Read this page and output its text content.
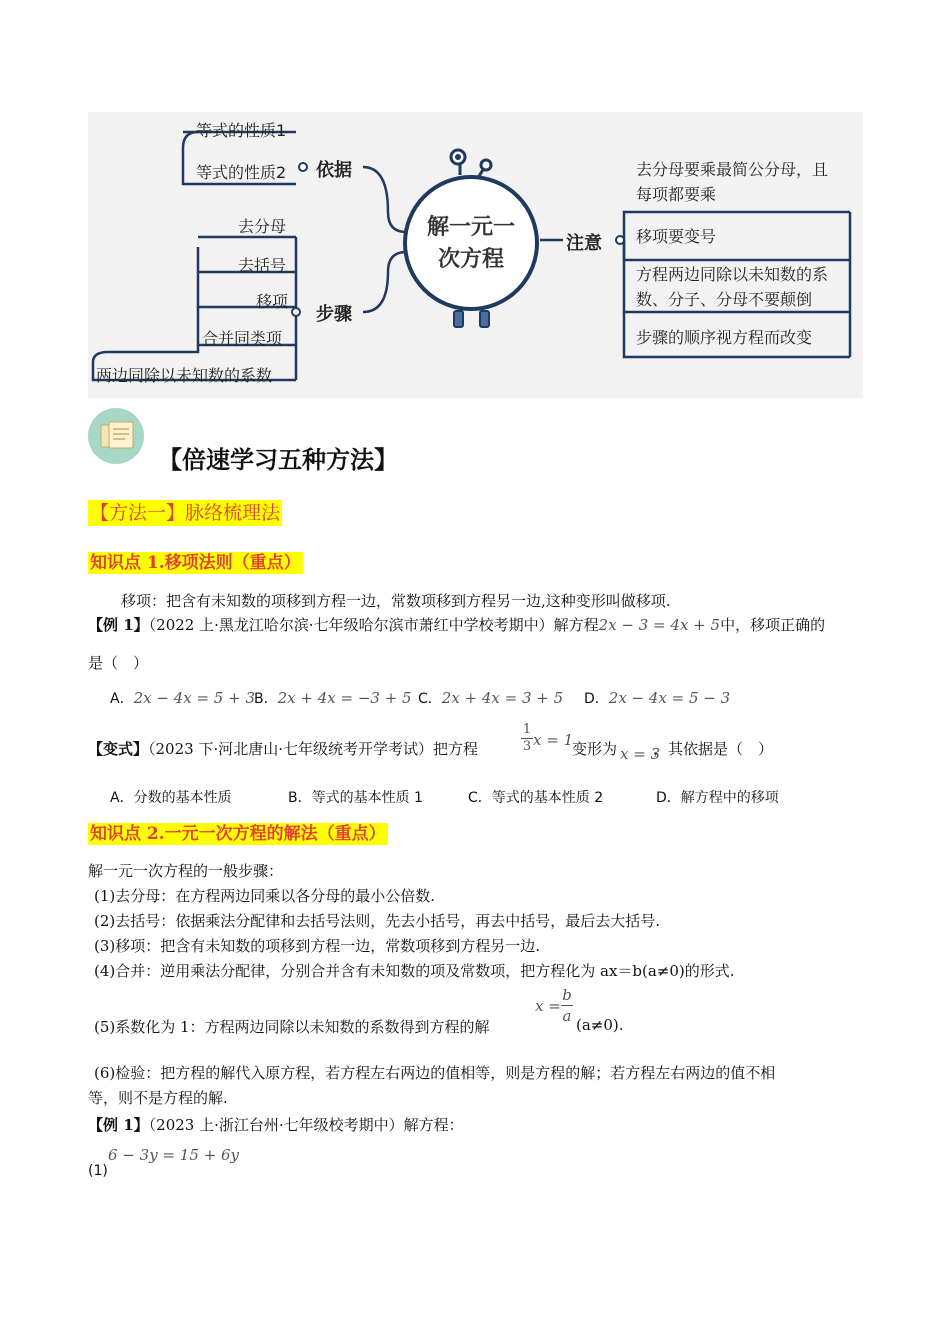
等式的性质1
等式的性质2 依据
去分母
去括号
移项
合并同类项
两边同除以未知数的系数
步骤
解一元一
次方程
注意
去分母要乘最简公分母，且
每项都要乘
移项要变号
方程两边同除以未知数的系
数、分子、分母不要颠倒
步骤的顺序视方程而改变
【倍速学习五种方法】
【方法一】脉络梳理法
知识点 1.移项法则（重点）
移项：把含有未知数的项移到方程一边，常数项移到方程另一边,这种变形叫做移项.
【例 1】（2022 上·黑龙江哈尔滨·七年级哈尔滨市萧红中学校考期中）解方程2x − 3 = 4x + 5中，移项正确的
是（　）
A．2x − 4x = 5 + 3 B．2x + 4x = −3 + 5 C．2x + 4x = 3 + 5 D．2x − 4x = 5 − 3
【变式】（2023 下·河北唐山·七年级统考开学考试）把方程	$\frac{1}{3}$ x = 1
变形为 x = 3
，其依据是（　）
A．分数的基本性质	B．等式的基本性质 1	C．等式的基本性质 2	D．解方程中的移项
知识点 2.一元一次方程的解法（重点）
解一元一次方程的一般步骤：
(1)去分母：在方程两边同乘以各分母的最小公倍数.
(2)去括号：依据乘法分配律和去括号法则，先去小括号，再去中括号，最后去大括号.
(3)移项：把含有未知数的项移到方程一边，常数项移到方程另一边.
(4)合并：逆用乘法分配律，分别合并含有未知数的项及常数项，把方程化为 ax＝b(a≠0)的形式.
(5)系数化为 1：方程两边同除以未知数的系数得到方程的解
$x = \frac{b}{a} (a\ne 0)$.
(6)检验：把方程的解代入原方程，若方程左右两边的值相等，则是方程的解；若方程左右两边的值不相
等，则不是方程的解.
【例 1】（2023 上·浙江台州·七年级校考期中）解方程：
6 − 3y = 15 + 6y
(1)
